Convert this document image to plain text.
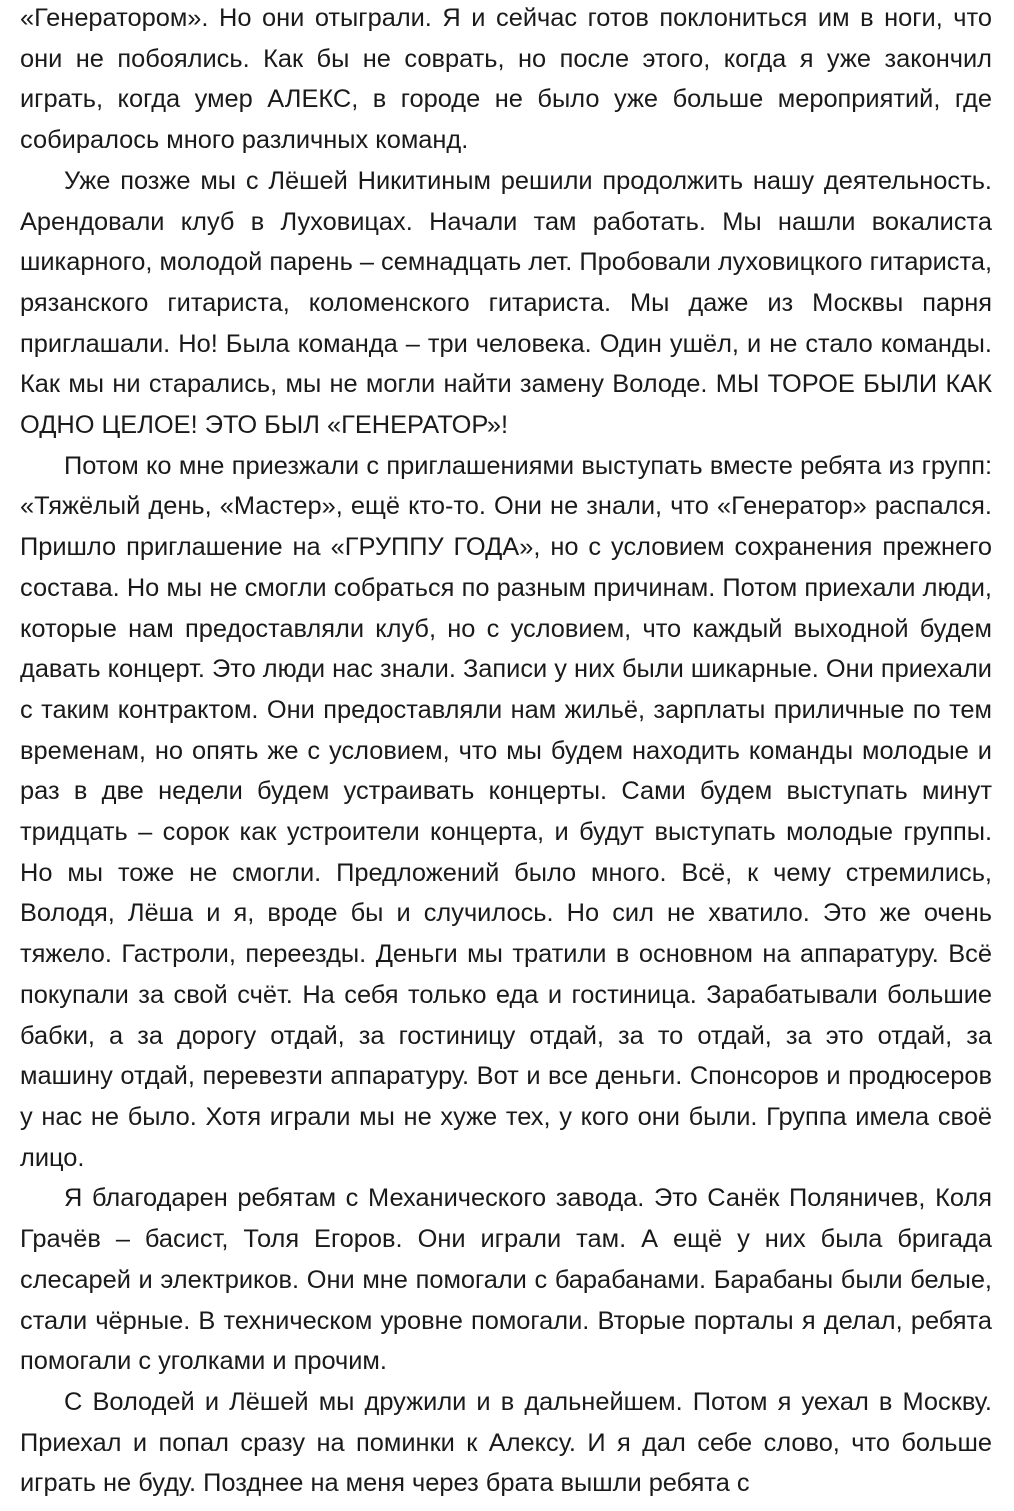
«Генератором». Но они отыграли. Я и сейчас готов поклониться им в ноги, что они не побоялись. Как бы не соврать, но после этого, когда я уже закончил играть, когда умер АЛЕКС, в городе не было уже больше мероприятий, где собиралось много различных команд.

Уже позже мы с Лёшей Никитиным решили продолжить нашу деятельность. Арендовали клуб в Луховицах. Начали там работать. Мы нашли вокалиста шикарного, молодой парень – семнадцать лет. Пробовали луховицкого гитариста, рязанского гитариста, коломенского гитариста. Мы даже из Москвы парня приглашали. Но! Была команда – три человека. Один ушёл, и не стало команды. Как мы ни старались, мы не могли найти замену Володе. МЫ ТОРОЕ БЫЛИ КАК ОДНО ЦЕЛОЕ! ЭТО БЫЛ «ГЕНЕРАТОР»!

Потом ко мне приезжали с приглашениями выступать вместе ребята из групп: «Тяжёлый день, «Мастер», ещё кто-то. Они не знали, что «Генератор» распался. Пришло приглашение на «ГРУППУ ГОДА», но с условием сохранения прежнего состава. Но мы не смогли собраться по разным причинам. Потом приехали люди, которые нам предоставляли клуб, но с условием, что каждый выходной будем давать концерт. Это люди нас знали. Записи у них были шикарные. Они приехали с таким контрактом. Они предоставляли нам жильё, зарплаты приличные по тем временам, но опять же с условием, что мы будем находить команды молодые и раз в две недели будем устраивать концерты. Сами будем выступать минут тридцать – сорок как устроители концерта, и будут выступать молодые группы. Но мы тоже не смогли. Предложений было много. Всё, к чему стремились, Володя, Лёша и я, вроде бы и случилось. Но сил не хватило. Это же очень тяжело. Гастроли, переезды. Деньги мы тратили в основном на аппаратуру. Всё покупали за свой счёт. На себя только еда и гостиница. Зарабатывали большие бабки, а за дорогу отдай, за гостиницу отдай, за то отдай, за это отдай, за машину отдай, перевезти аппаратуру. Вот и все деньги. Спонсоров и продюсеров у нас не было. Хотя играли мы не хуже тех, у кого они были. Группа имела своё лицо.

Я благодарен ребятам с Механического завода. Это Санёк Поляничев, Коля Грачёв – басист, Толя Егоров. Они играли там. А ещё у них была бригада слесарей и электриков. Они мне помогали с барабанами. Барабаны были белые, стали чёрные. В техническом уровне помогали. Вторые порталы я делал, ребята помогали с уголками и прочим.

С Володей и Лёшей мы дружили и в дальнейшем. Потом я уехал в Москву. Приехал и попал сразу на поминки к Алексу. И я дал себе слово, что больше играть не буду. Позднее на меня через брата вышли ребята с
